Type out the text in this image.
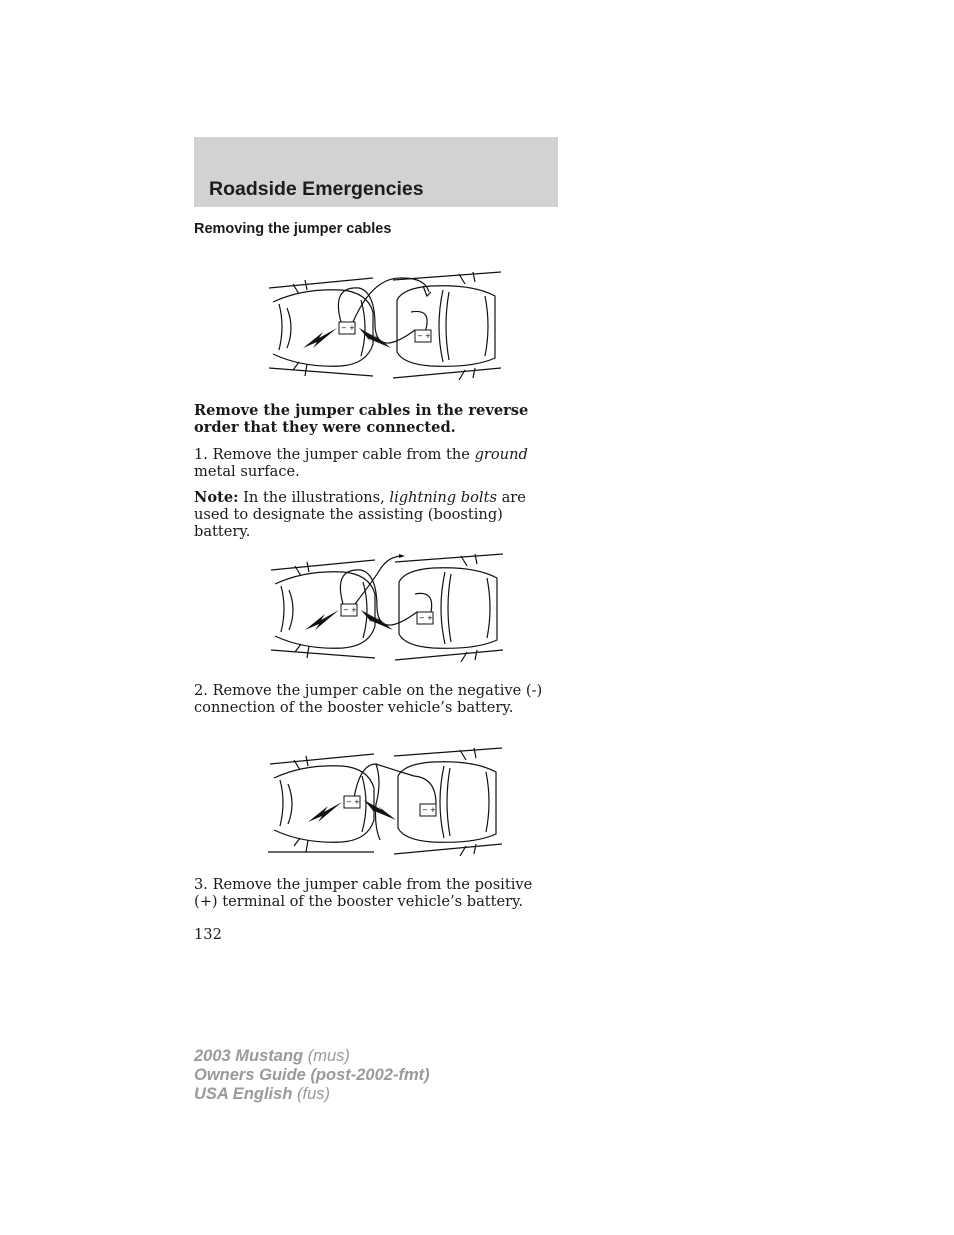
Roadside Emergencies
Removing the jumper cables
− +
− +

Remove the jumper cables in the reverse order that they were connected.

1. Remove the jumper cable from the ground metal surface.

Note: In the illustrations, lightning bolts are used to designate the assisting (boosting) battery.

− +
− +

2. Remove the jumper cable on the negative (-) connection of the booster vehicle’s battery.

− +
− +

3. Remove the jumper cable from the positive (+) terminal of the booster vehicle’s battery.

132
2003 Mustang (mus)
Owners Guide (post-2002-fmt)
USA English (fus)
